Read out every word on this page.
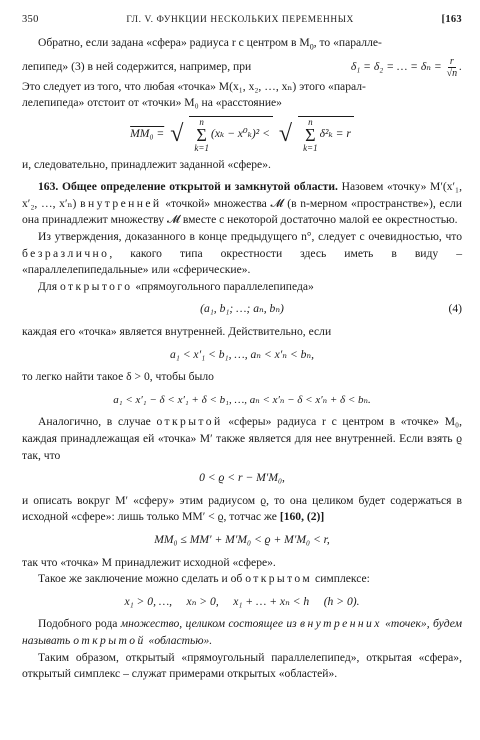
350	ГЛ. V. ФУНКЦИИ НЕСКОЛЬКИХ ПЕРЕМЕННЫХ	[163

Обратно, если задана «сфера» радиуса r с центром в $M_0$, то «паралле-

лепипед» (3) в ней содержится, например, при	δ₁ = δ₂ = … = $\delta_n = \frac{r}{√n}$ .

Это следует из того, что любая «точка» M(x₁, x₂, …, xₙ) этого «парал-

лелепипеда» отстоит от «точки» M₀ на «расстояние»

MM₀ = √ n
Σ
k=1
(xₖ − x⁰ₖ)² < √ n
Σ
k=1
δ²ₖ = r

и, следовательно, принадлежит заданной «сфере».

163. Общее определение открытой и замкнутой области. Назовем «точку» M′(x′₁, x′₂, …, x′ₙ) внутренней «точкой» множества 𝓜 (в n-мерном «пространстве»), если она принадлежит множеству 𝓜 вместе с некоторой достаточно малой ее окрестностью.

Из утверждения, доказанного в конце предыдущего n°, следует с очевидностью, что безразлично, какого типа окрестности здесь иметь в виду – «параллелепипедальные» или «сферические».

Для открытого «прямоугольного параллелепипеда»

(a₁, b₁; …; aₙ, bₙ)	(4)

каждая его «точка» является внутренней. Действительно, если

a₁ < x′₁ < b₁, …, aₙ < x′ₙ < bₙ,

то легко найти такое δ > 0, чтобы было

a₁ < x′₁ − δ < x′₁ + δ < b₁, …, aₙ < x′ₙ − δ < x′ₙ + δ < bₙ.

Аналогично, в случае открытой «сферы» радиуса r с центром в «точке» M₀, каждая принадлежащая ей «точка» M′ также является для нее внутренней. Если взять ϱ так, что

0 < ϱ < r − M′M₀,

и описать вокруг M′ «сферу» этим радиусом ϱ, то она целиком будет содержаться в исходной «сфере»: лишь только MM′ < ϱ, тотчас же [160, (2)]

MM₀ ≤ MM′ + M′M₀ < ϱ + M′M₀ < r,

так что «точка» M принадлежит исходной «сфере».

Такое же заключение можно сделать и об открытом симплексе:

x₁ > 0, …,     xₙ > 0,     x₁ + … + xₙ < h     (h > 0).

Подобного рода множество, целиком состоящее из внутренних «точек», будем называть открытой «областью».

Таким образом, открытый «прямоугольный параллелепипед», открытая «сфера», открытый симплекс – служат примерами открытых «областей».
